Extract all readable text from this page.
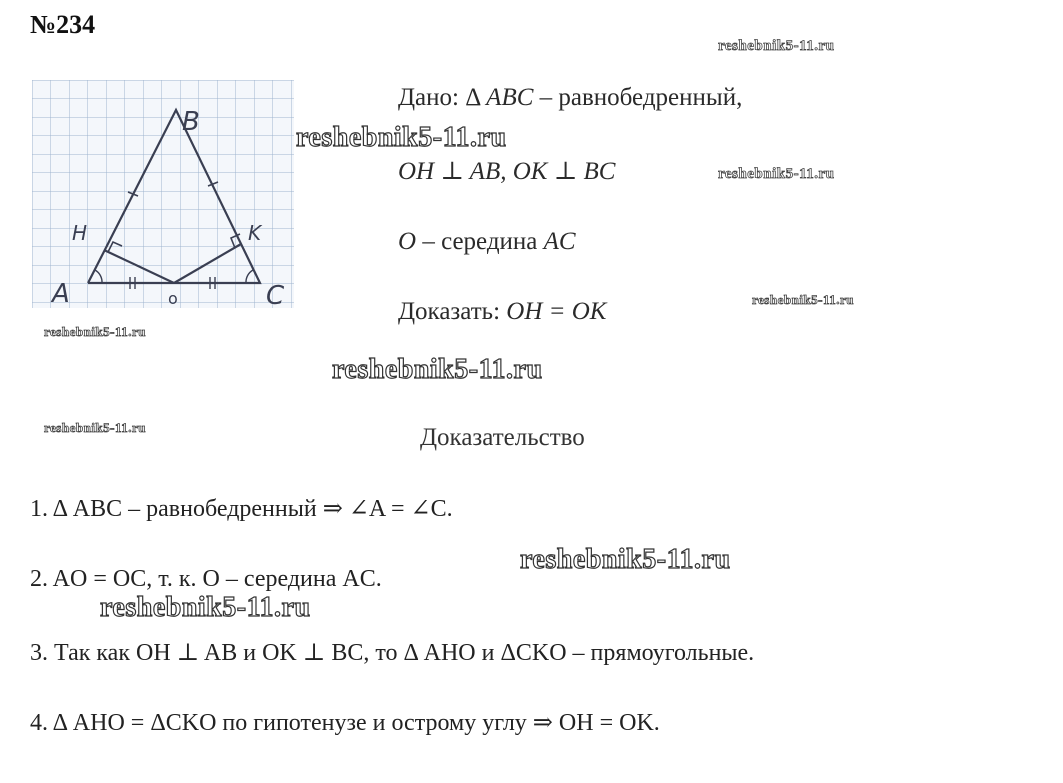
№234
A
B
C
H	K
o
Дано: Δ ABC – равнобедренный,
OH ⊥ AB, OK ⊥ BC
O – середина AC
Доказать: OH = OK
Доказательство
1. Δ ABC – равнобедренный ⇒ ∠A = ∠C.
2. AO = OC, т. к. O – середина AC.
3. Так как OH ⊥ AB и OK ⊥ BC, то Δ AHO и ΔCKO – прямоугольные.
4. Δ AHO = ΔCKO по гипотенузе и острому углу ⇒ OH = OK.
reshebnik5-11.ru
reshebnik5-11.ru
reshebnik5-11.ru
reshebnik5-11.ru
reshebnik5-11.ru
reshebnik5-11.ru
reshebnik5-11.ru
reshebnik5-11.ru
reshebnik5-11.ru
